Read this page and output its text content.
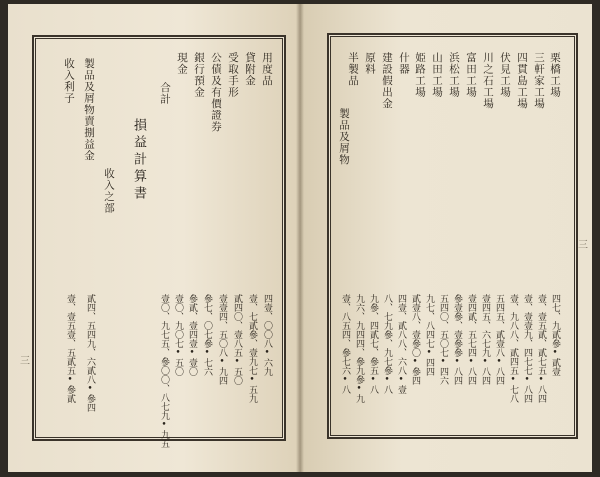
三
三
栗橋工場
三軒家工場
四貫島工場
伏見工場
川之石工場
富田工場
浜松工場
山田工場
姫路工場
什器
建設假出金
原料
半製品
製品及屑物
四七、九貳參•貳壹
壹、壹五貳、貳七五•八四
壹、壹壹九、四七七•八四
壹、九八八、貳四五•七八
五四五、貳壹八•八四
壹四五、六七九•八四
壹四貳、五七四•八四
參壹參、壹參參•八四
五四〇、五〇七•四六
九七、八四七•四四
貳壹八、壹參〇•參四
四壹、貳八八、六八•壹
八、七九參、九七參•八
九參、四貳七、參五•八
九六、九四四、參九參•九
壹、八五四、參七六•八
用度品
貸附金
受取手形
公債及有價證券
銀行預金
現金
合計
四壹、〇〇八•六九
壹、七貳參、壹九七•五九
貳四〇、壹八五•五〇
壹壹四、五〇八•九四
參七、〇七參•七六
參貳、壹四壹•壹〇
壹〇、九〇七•五〇
壹〇、九七五、參〇〇、八七九•九五
損益計算書
收入之部
製品及屑物賣捌益金
收入利子
貳四、五四九、六貳八•參四
壹、壹五壹、五貳五•參貳
